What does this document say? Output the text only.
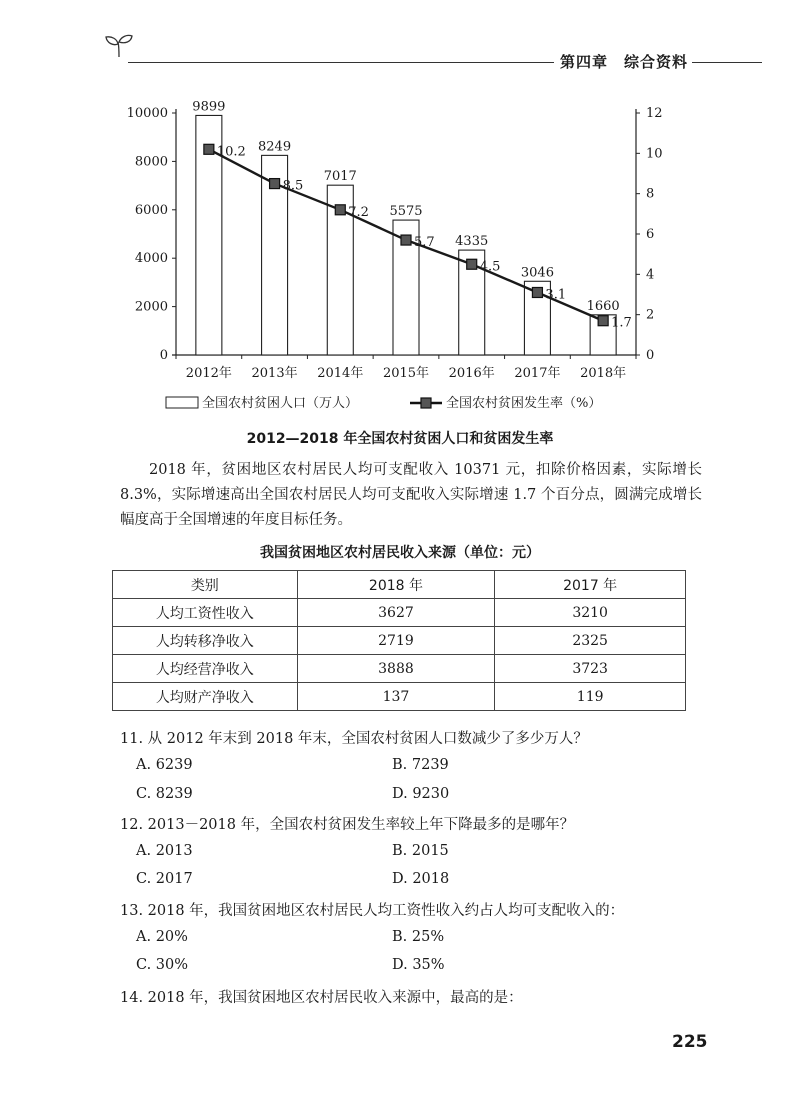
第四章　综合资料
0
2000
4000
6000
8000
10000
0
2
4
6
8
10
12
2012年 2013年 2014年 2015年 2016年 2017年 2018年
9899
8249
7017
5575
4335
3046
1660
10.2
8.5
7.2
5.7
4.5
3.1
1.7
全国农村贫困人口（万人）	全国农村贫困发生率（%）
2012—2018 年全国农村贫困人口和贫困发生率
2018 年，贫困地区农村居民人均可支配收入 10371 元，扣除价格因素，实际增长 8.3%，实际增速高出全国农村居民人均可支配收入实际增速 1.7 个百分点，圆满完成增长幅度高于全国增速的年度目标任务。
我国贫困地区农村居民收入来源（单位：元）
类别	2018 年	2017 年
人均工资性收入	3627	3210
人均转移净收入	2719	2325
人均经营净收入	3888	3723
人均财产净收入	137	119
11. 从 2012 年末到 2018 年末，全国农村贫困人口数减少了多少万人？
A. 6239	B. 7239
C. 8239	D. 9230
12. 2013－2018 年，全国农村贫困发生率较上年下降最多的是哪年？
A. 2013	B. 2015
C. 2017	D. 2018
13. 2018 年，我国贫困地区农村居民人均工资性收入约占人均可支配收入的：
A. 20%	B. 25%
C. 30%	D. 35%
14. 2018 年，我国贫困地区农村居民收入来源中，最高的是：
225
